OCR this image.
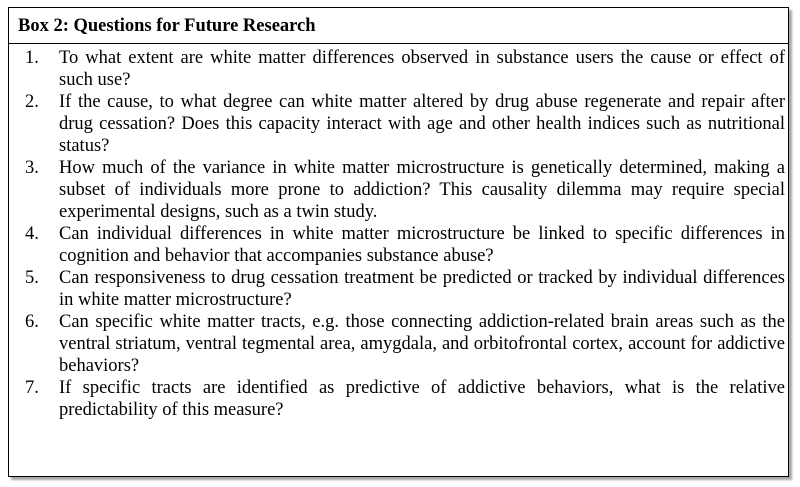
Box 2: Questions for Future Research
1. To what extent are white matter differences observed in substance users the cause or effect of such use?
2. If the cause, to what degree can white matter altered by drug abuse regenerate and repair after drug cessation? Does this capacity interact with age and other health indices such as nutritional status?
3. How much of the variance in white matter microstructure is genetically determined, making a subset of individuals more prone to addiction? This causality dilemma may require special experimental designs, such as a twin study.
4. Can individual differences in white matter microstructure be linked to specific differences in cognition and behavior that accompanies substance abuse?
5. Can responsiveness to drug cessation treatment be predicted or tracked by individual differences in white matter microstructure?
6. Can specific white matter tracts, e.g. those connecting addiction-related brain areas such as the ventral striatum, ventral tegmental area, amygdala, and orbitofrontal cortex, account for addictive behaviors?
7. If specific tracts are identified as predictive of addictive behaviors, what is the relative predictability of this measure?
